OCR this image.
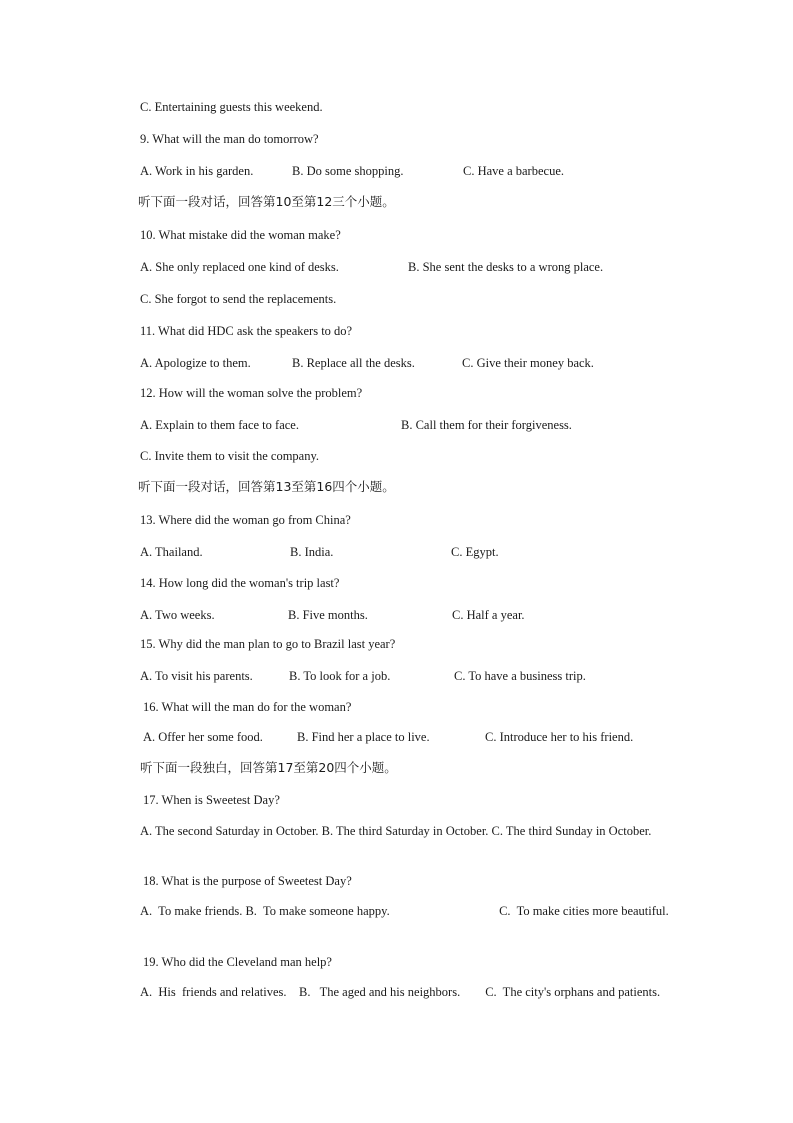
C. Entertaining guests this weekend.
9. What will the man do tomorrow?
A. Work in his garden.	B. Do some shopping.	C. Have a barbecue.
听下面一段对话，回答第10至第12三个小题。
10. What mistake did the woman make?
A. She only replaced one kind of desks.	B. She sent the desks to a wrong place.
C. She forgot to send the replacements.
11. What did HDC ask the speakers to do?
A. Apologize to them.	B. Replace all the desks.	C. Give their money back.
12. How will the woman solve the problem?
A. Explain to them face to face.	B. Call them for their forgiveness.
C. Invite them to visit the company.
听下面一段对话，回答第13至第16四个小题。
13. Where did the woman go from China?
A. Thailand.	B. India.	C. Egypt.
14. How long did the woman's trip last?
A. Two weeks.	B. Five months.	C. Half a year.
15. Why did the man plan to go to Brazil last year?
A. To visit his parents.	B. To look for a job.	C. To have a business trip.
16. What will the man do for the woman?
A. Offer her some food.	B. Find her a place to live.	C. Introduce her to his friend.
听下面一段独白，回答第17至第20四个小题。
17. When is Sweetest Day?
A. The second Saturday in October. B. The third Saturday in October. C. The third Sunday in October.
18. What is the purpose of Sweetest Day?
A.  To make friends. B.  To make someone happy.                                   C.  To make cities more beautiful.
19. Who did the Cleveland man help?
A.  His  friends and relatives.    B.   The aged and his neighbors.        C.  The city's orphans and patients.
